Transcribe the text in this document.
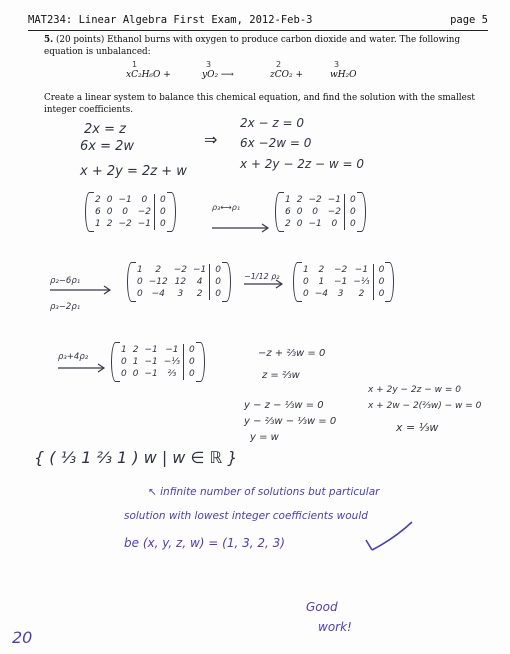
MAT234: Linear Algebra First Exam, 2012-Feb-3	page 5
5. (20 points) Ethanol burns with oxygen to produce carbon dioxide and water. The following equation is unbalanced:
1
xC₂H₆O +
3
yO₂ ⟶
2
zCO₂ +
3
wH₂O
Create a linear system to balance this chemical equation, and find the solution with the smallest integer coefficients.
2x = z
6x = 2w
x + 2y = 2z + w
⇒
2x − z = 0
6x −2w = 0
x + 2y − 2z − w = 0
2	0	−1	0	0
6	0	0	−2	0
1	2	−2	−1	0
ρ₃⟷ρ₁
1	2	−2	−1	0
6	0	0	−2	0
2	0	−1	0	0
ρ₂−6ρ₁
ρ₃−2ρ₁
1	2	−2	−1	0
0	−12	12	4	0
0	−4	3	2	0
−1/12 ρ₂
1	2	−2	−1	0
0	1	−1	−⅓	0
0	−4	3	2	0
ρ₃+4ρ₂
1	2	−1	−1	0
0	1	−1	−⅓	0
0	0	−1	⅔	0
−z + ⅔w = 0
z = ⅔w
y − z − ⅓w = 0
y − ⅔w − ⅓w = 0
y = w
x + 2y − 2z − w = 0
x + 2w − 2(⅔w) − w = 0
x = ⅓w
{ ( ⅓ 1 ⅔ 1 ) w | w ∈ ℝ }
↖ infinite number of solutions but particular
solution with lowest integer coefficients would
be (x, y, z, w) = (1, 3, 2, 3)
Good
work!
20
